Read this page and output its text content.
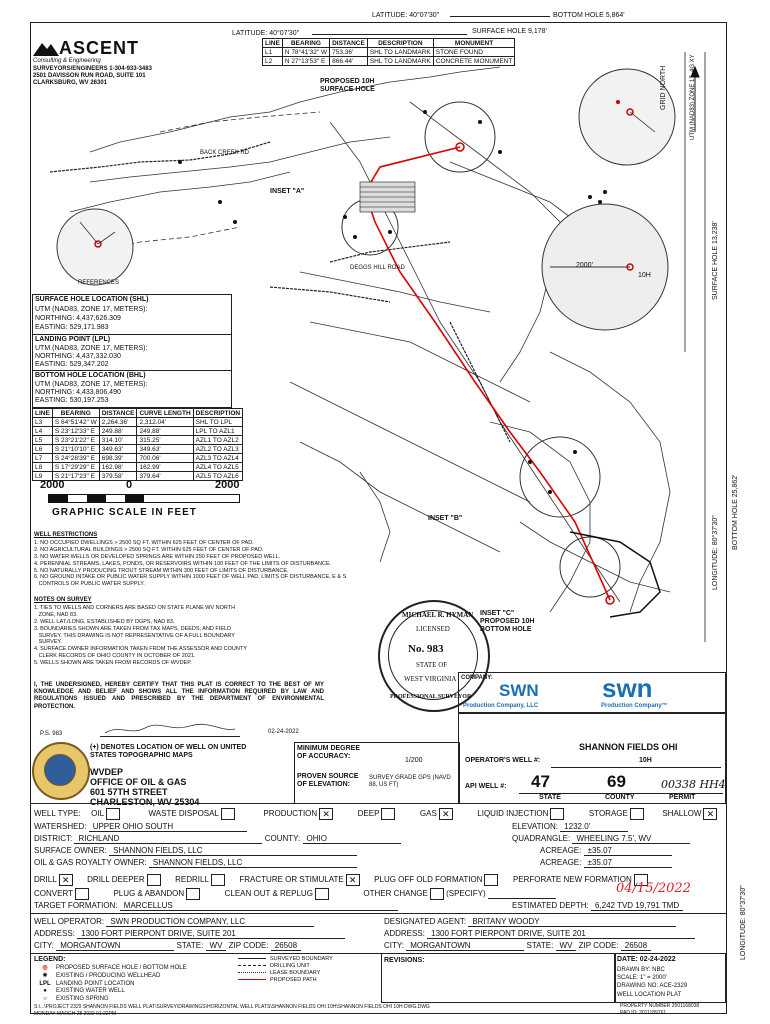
LATITUDE: 40°07'30"	BOTTOM HOLE 5,864'
LATITUDE: 40°07'30"	SURFACE HOLE 9,178'
LINE	BEARING	DISTANCE	DESCRIPTION	MONUMENT
L1	N 78°41'32" W	753.36'	SHL TO LANDMARK	STONE FOUND
L2	N 27°13'53" E	866.44'	SHL TO LANDMARK	CONCRETE MONUMENT
ASCENT
Consulting & Engineering
SURVEYORS/ENGINEERS 1-304-933-3483
2501 DAVISSON RUN ROAD, SUITE 101
CLARKSBURG, WV 26301	PROPOSED 10H
SURFACE HOLE
INSET "A"
INSET "B"
INSET "C"
PROPOSED 10H
BOTTOM HOLE
2000'
10H
REFERENCES
DEGGS HILL ROAD
BACK CREEK RD
GRID NORTH	UTM (NAD83) ZONE 17, 4G XY
SURFACE HOLE 13,238'
BOTTOM HOLE 25,862'
LONGITUDE: 80°37'30"
SURFACE HOLE LOCATION (SHL)
UTM (NAD83, ZONE 17, METERS):
NORTHING: 4,437,626.309
EASTING: 529,171.983
LANDING POINT (LPL)
UTM (NAD83, ZONE 17, METERS):
NORTHING: 4,437,332.030
EASTING: 529,347.202
BOTTOM HOLE LOCATION (BHL)
UTM (NAD83, ZONE 17, METERS):
NORTHING: 4,433,806.490
EASTING: 530,197.253
LINE	BEARING	DISTANCE	CURVE LENGTH	DESCRIPTION
L3	S 64°51'42" W	2,264.36'	2,312.04'	SHL TO LPL
L4	S 23°12'33" E	249.88'	249.88'	LPL TO AZL1
L5	S 23°21'22" E	314.10'	315.25'	AZL1 TO AZL2
L6	S 21°10'10" E	349.63'	349.63'	AZL2 TO AZL3
L7	S 24°28'39" E	698.39'	700.06'	AZL3 TO AZL4
L8	S 17°29'29" E	162.98'	162.99'	AZL4 TO AZL5
L9	S 21°17'23" E	379.58'	379.64'	AZL5 TO AZL6
2000	0	2000
GRAPHIC SCALE IN FEET
WELL RESTRICTIONS
1. NO OCCUPIED DWELLINGS > 2500 SQ FT. WITHIN 625 FEET OF CENTER OF PAD.
2. NO AGRICULTURAL BUILDINGS > 2500 SQ FT. WITHIN 625 FEET OF CENTER OF PAD.
3. NO WATER WELLS OR DEVELOPED SPRINGS ARE WITHIN 250 FEET OF PROPOSED WELL.
4. PERENNIAL STREAMS, LAKES, PONDS, OR RESERVOIRS WITHIN 100 FEET OF THE LIMITS OF DISTURBANCE.
5. NO NATURALLY PRODUCING TROUT STREAM WITHIN 300 FEET OF LIMITS OF DISTURBANCE.
6. NO GROUND INTAKE OR PUBLIC WATER SUPPLY WITHIN 1000 FEET OF WELL PAD, LIMITS OF DISTURBANCE, E & S
CONTROLS OR PUBLIC WATER SUPPLY.
NOTES ON SURVEY
1. TIES TO WELLS AND CORNERS ARE BASED ON STATE PLANE WV NORTH
ZONE, NAD 83.
2. WELL LAT./LONG. ESTABLISHED BY DGPS, NAD 83.
3. BOUNDARIES SHOWN ARE TAKEN FROM TAX MAPS, DEEDS, AND FIELD
SURVEY. THIS DRAWING IS NOT REPRESENTATIVE OF A FULL BOUNDARY
SURVEY.
4. SURFACE OWNER INFORMATION TAKEN FROM THE ASSESSOR AND COUNTY
CLERK RECORDS OF OHIO COUNTY IN OCTOBER OF 2021.
5. WELLS SHOWN ARE TAKEN FROM RECORDS OF WVDEP.
I, THE UNDERSIGNED, HEREBY CERTIFY THAT THIS PLAT IS CORRECT TO THE BEST OF MY KNOWLEDGE AND BELIEF AND SHOWS ALL THE INFORMATION REQUIRED BY LAW AND REGULATIONS ISSUED AND PRESCRIBED BY THE DEPARTMENT OF ENVIRONMENTAL PROTECTION.
P.S. 983	02-24-2022
MICHAEL R. HYMAN
LICENSED
No. 983
STATE OF
WEST VIRGINIA
PROFESSIONAL SURVEYOR
COMPANY:
SWN
Production Company, LLC
swn
Production Company™
(+) DENOTES LOCATION OF WELL ON UNITED STATES TOPOGRAPHIC MAPS
WVDEP
OFFICE OF OIL & GAS
601 57TH STREET
CHARLESTON, WV 25304
MINIMUM DEGREE OF ACCURACY:
1/200
PROVEN SOURCE OF ELEVATION:
SURVEY GRADE GPS (NAVD 88, US FT)
SHANNON FIELDS OHI
OPERATOR'S WELL #:	10H
API WELL #: 47	69	00338 HH4
STATE	COUNTY	PERMIT
WELL TYPE: OIL	WASTE DISPOSAL	PRODUCTION ✕	DEEP	GAS ✕	LIQUID INJECTION	STORAGE	SHALLOW ✕
WATERSHED: UPPER OHIO SOUTH	ELEVATION: 1232.0'
DISTRICT: RICHLAND	COUNTY: OHIO	QUADRANGLE: WHEELING 7.5', WV
SURFACE OWNER: SHANNON FIELDS, LLC	ACREAGE: ±35.07
OIL & GAS ROYALTY OWNER: SHANNON FIELDS, LLC	ACREAGE: ±35.07
DRILL ✕ DRILL DEEPER	REDRILL	FRACTURE OR STIMULATE ✕ PLUG OFF OLD FORMATION	PERFORATE NEW FORMATION
CONVERT	PLUG & ABANDON	CLEAN OUT & REPLUG	OTHER CHANGE (SPECIFY)	04/15/2022
TARGET FORMATION: MARCELLUS	ESTIMATED DEPTH: 6,242 TVD 19,791 TMD
WELL OPERATOR: SWN PRODUCTION COMPANY, LLC	DESIGNATED AGENT: BRITANY WOODY
ADDRESS: 1300 FORT PIERPONT DRIVE, SUITE 201	ADDRESS: 1300 FORT PIERPONT DRIVE, SUITE 201
CITY: MORGANTOWN	STATE: WV ZIP CODE: 26508	CITY: MORGANTOWN	STATE: WV ZIP CODE: 26508
LEGEND:
◎ PROPOSED SURFACE HOLE / BOTTOM HOLE
✵ EXISTING / PRODUCING WELLHEAD
LPL LANDING POINT LOCATION
● EXISTING WATER WELL
○ EXISTING SPRING
SURVEYED BOUNDARY
DRILLING UNIT
LEASE BOUNDARY
PROPOSED PATH
REVISIONS:	DATE: 02-24-2022
DRAWN BY: NBC
SCALE: 1" = 2000'
DRAWING NO: ACE-2329
WELL LOCATION PLAT
LONGITUDE: 80°37'30"
S:\...\PROJECT 2329 SHANNON FIELDS WELL PLAT\SURVEY\DRAWINGS\HORIZONTAL WELL PLATS\SHANNON FIELDS OHI 10H\SHANNON FIELDS OHI 10H DWG.DWG
MONDAY MARCH 28 2022 01:22PM
PROPERTY NUMBER 2501168038
PAD ID: 3011189761
